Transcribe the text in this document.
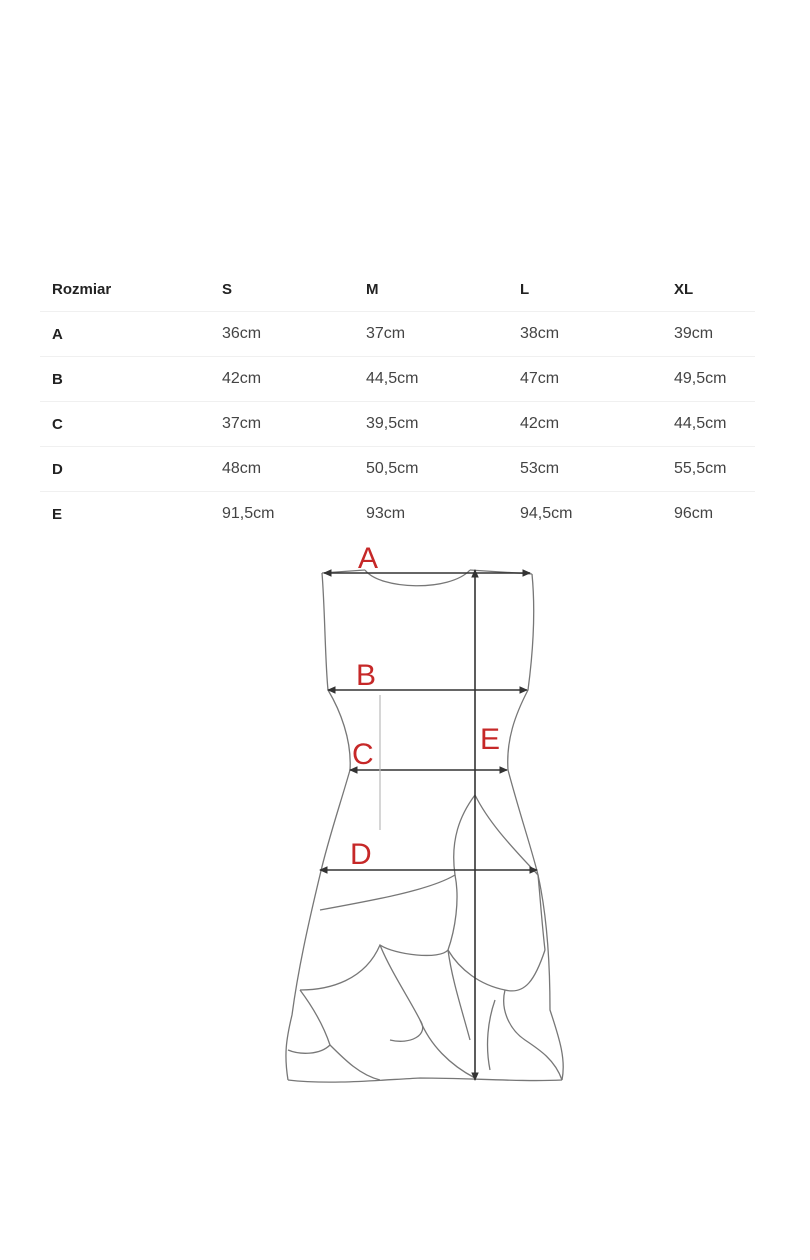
Rozmiar	S	M	L	XL
A	36cm	37cm	38cm	39cm
B	42cm	44,5cm	47cm	49,5cm
C	37cm	39,5cm	42cm	44,5cm
D	48cm	50,5cm	53cm	55,5cm
E	91,5cm	93cm	94,5cm	96cm
A
B
C
D
E
